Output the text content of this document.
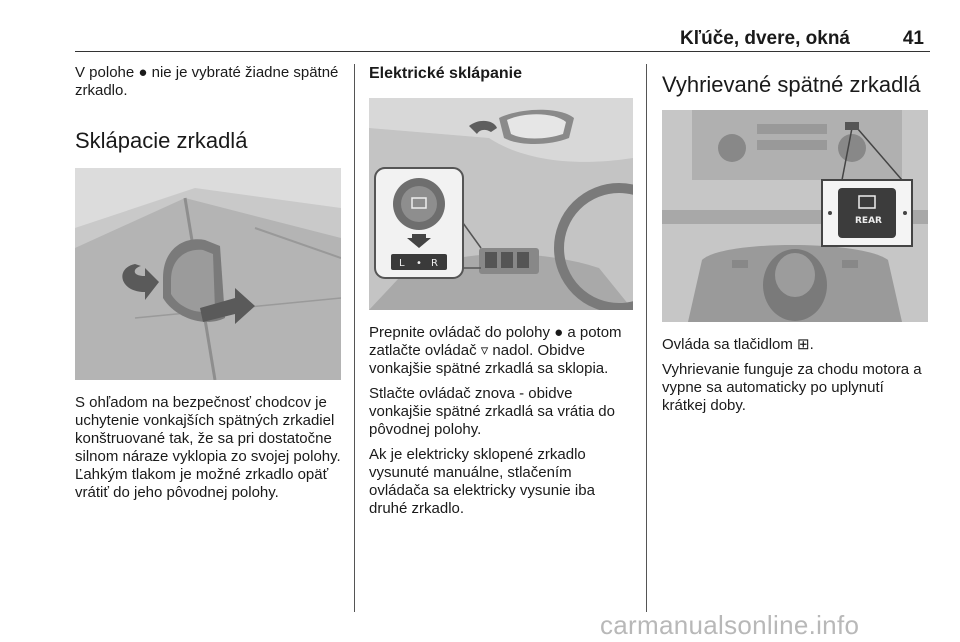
Kľúče, dvere, okná	41

V polohe ● nie je vybraté žiadne spätné zrkadlo.

Sklápacie zrkadlá

S ohľadom na bezpečnosť chodcov je uchytenie vonkajších spätných zrkadiel konštruované tak, že sa pri dostatočne silnom náraze vyklopia zo svojej polohy. Ľahkým tlakom je možné zrkadlo opäť vrátiť do jeho pôvodnej polohy.

Elektrické sklápanie
L • R

Prepnite ovládač do polohy ● a potom zatlačte ovládač ▿ nadol. Obidve vonkajšie spätné zrkadlá sa sklopia.

Stlačte ovládač znova - obidve vonkajšie spätné zrkadlá sa vrátia do pôvodnej polohy.

Ak je elektricky sklopené zrkadlo vysunuté manuálne, stlačením ovládača sa elektricky vysunie iba druhé zrkadlo.

Vyhrievané spätné zrkadlá
REAR

Ovláda sa tlačidlom ⊞.

Vyhrievanie funguje za chodu motora a vypne sa automaticky po uplynutí krátkej doby.

carmanualsonline.info
